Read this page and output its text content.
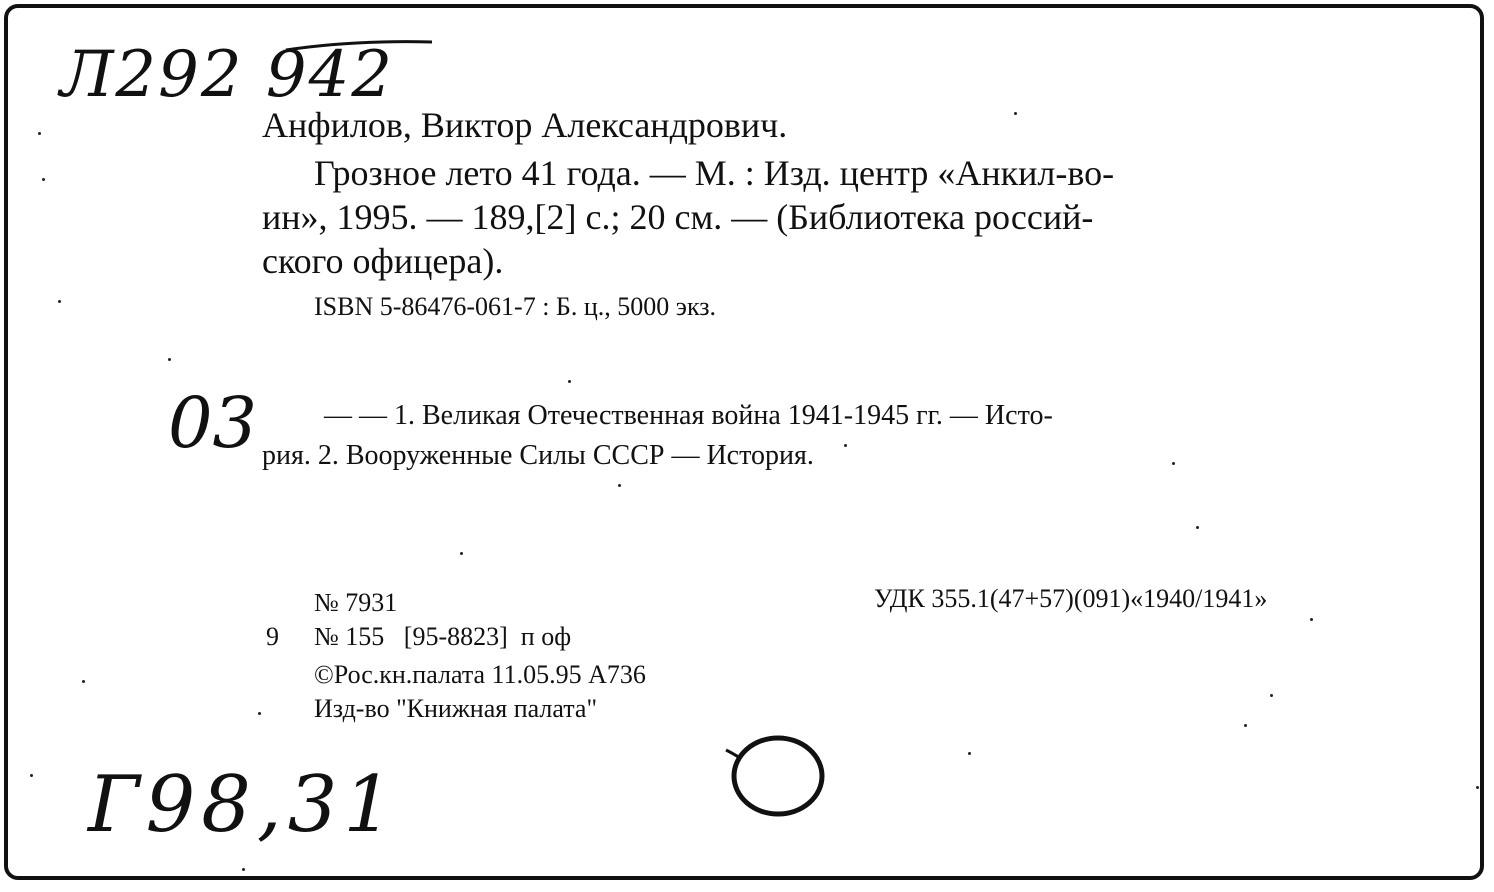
Л292 942
Анфилов, Виктор Александрович.
Грозное лето 41 года. — М. : Изд. центр «Анкил-во-
ин», 1995. — 189,[2] с.; 20 см. — (Библиотека россий-
ского офицера).
ISBN 5-86476-061-7 : Б. ц., 5000 экз.
03 — — 1. Великая Отечественная война 1941-1945 гг. — Исто-
рия. 2. Вооруженные Силы СССР — История.
№ 7931	УДК 355.1(47+57)(091)«1940/1941»
9 № 155   [95-8823]  п оф
©Рос.кн.палата 11.05.95 А736
Изд-во "Книжная палата"
Г98,31
